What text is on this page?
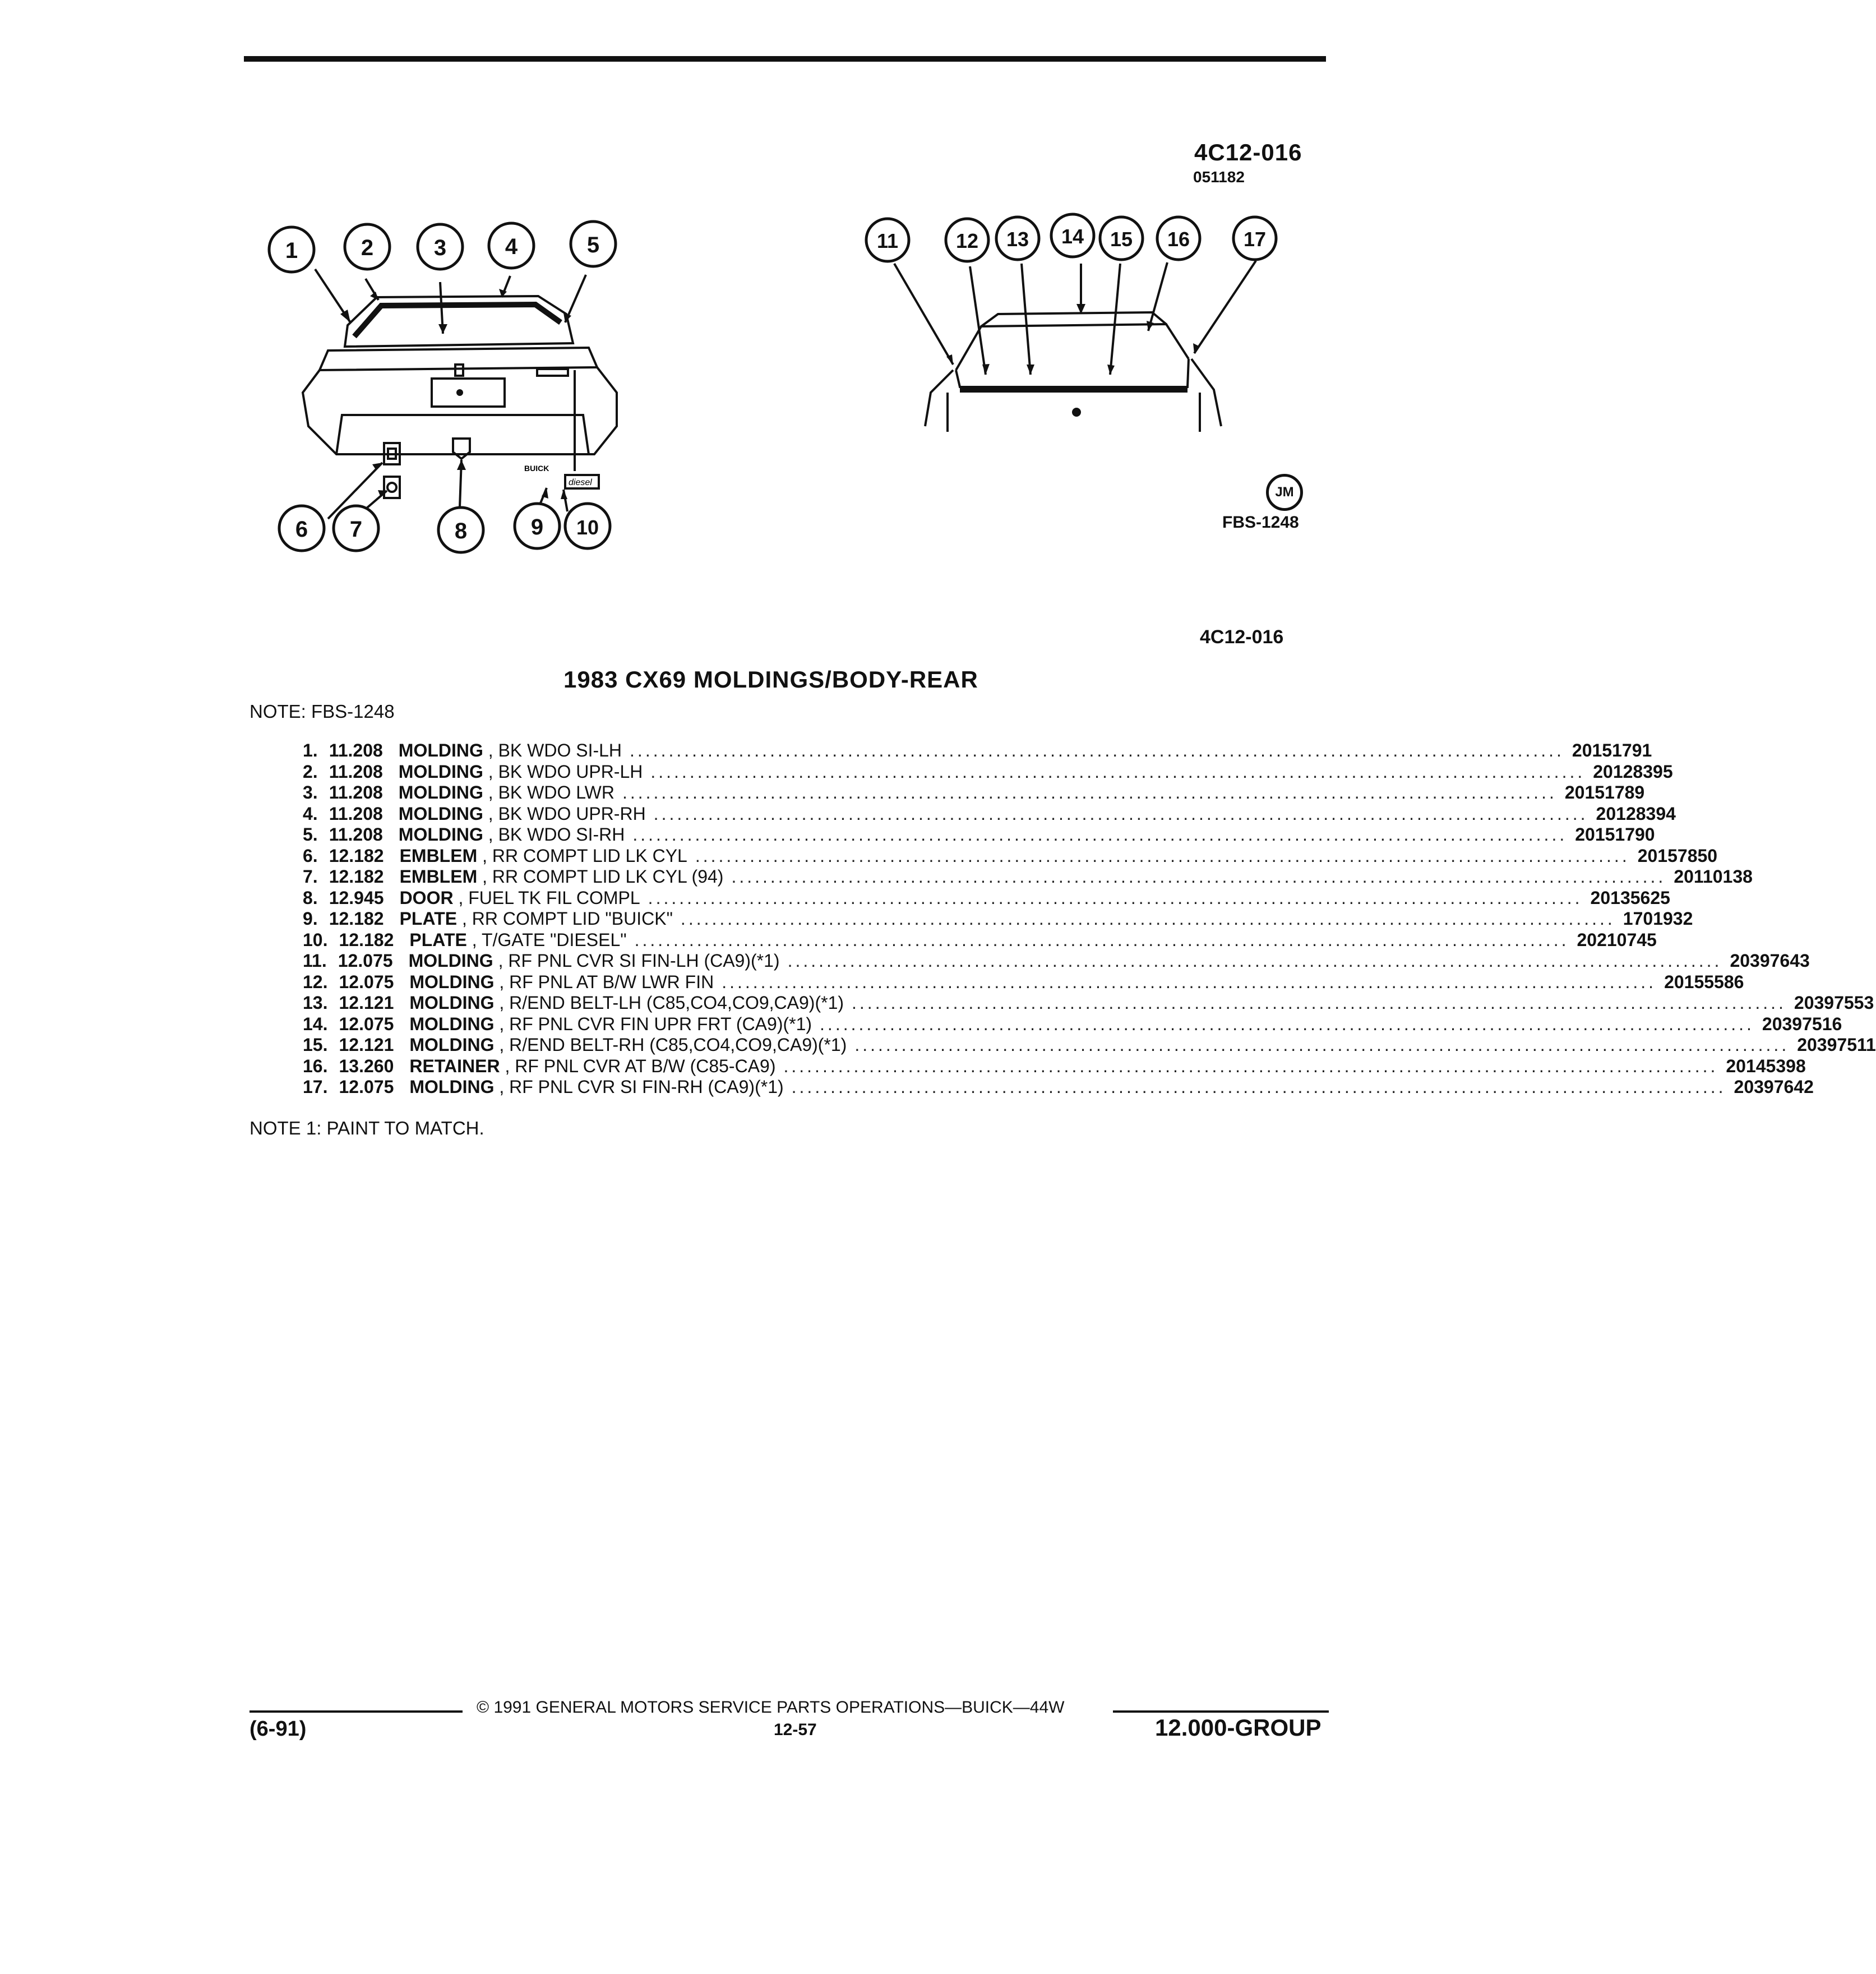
4C12-016
051182
BUICK
diesel
1	2	3	4	5
6 7	8	9 10
11	12 13 14 15 16	17
JM
FBS-1248
4C12-016
1983 CX69 MOLDINGS/BODY-REAR
NOTE: FBS-1248
1. 11.208 MOLDING , BK WDO SI-LH ........................................................................................................................ 20151791
2. 11.208 MOLDING , BK WDO UPR-LH ........................................................................................................................ 20128395
3. 11.208 MOLDING , BK WDO LWR ........................................................................................................................ 20151789
4. 11.208 MOLDING , BK WDO UPR-RH ........................................................................................................................ 20128394
5. 11.208 MOLDING , BK WDO SI-RH ........................................................................................................................ 20151790
6. 12.182 EMBLEM , RR COMPT LID LK CYL ........................................................................................................................ 20157850
7. 12.182 EMBLEM , RR COMPT LID LK CYL (94) ........................................................................................................................ 20110138
8. 12.945 DOOR , FUEL TK FIL COMPL ........................................................................................................................ 20135625
9. 12.182 PLATE , RR COMPT LID "BUICK" ........................................................................................................................ 1701932
10. 12.182 PLATE , T/GATE "DIESEL" ........................................................................................................................ 20210745
11. 12.075 MOLDING , RF PNL CVR SI FIN-LH (CA9)(*1) ........................................................................................................................ 20397643
12. 12.075 MOLDING , RF PNL AT B/W LWR FIN ........................................................................................................................ 20155586
13. 12.121 MOLDING , R/END BELT-LH (C85,CO4,CO9,CA9)(*1) ........................................................................................................................ 20397553
14. 12.075 MOLDING , RF PNL CVR FIN UPR FRT (CA9)(*1) ........................................................................................................................ 20397516
15. 12.121 MOLDING , R/END BELT-RH (C85,CO4,CO9,CA9)(*1) ........................................................................................................................ 20397511
16. 13.260 RETAINER , RF PNL CVR AT B/W (C85-CA9) ........................................................................................................................ 20145398
17. 12.075 MOLDING , RF PNL CVR SI FIN-RH (CA9)(*1) ........................................................................................................................ 20397642
NOTE 1: PAINT TO MATCH.
© 1991 GENERAL MOTORS SERVICE PARTS OPERATIONS—BUICK—44W
(6-91)	12-57	12.000-GROUP
